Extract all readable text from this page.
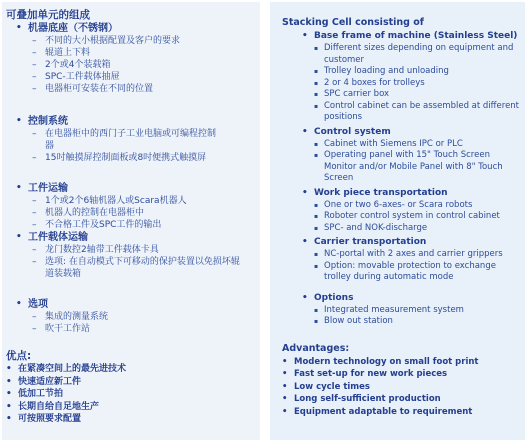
可叠加单元的组成
• 机器底座（不锈钢）
– 不同的大小根据配置及客户的要求
– 辊道上下料
– 2个或4个装载箱
– SPC-工件载体抽屉
– 电器柜可安装在不同的位置
• 控制系统
– 在电器柜中的西门子工业电脑或可编程控制器
– 15吋触摸屏控制面板或8吋便携式触摸屏
• 工件运输
– 1个或2个6轴机器人或Scara机器人
– 机器人的控制在电器柜中
– 不合格工件及SPC工件的输出
• 工件载体运输
– 龙门数控2轴带工件载体卡具
– 选项: 在自动模式下可移动的保护装置以免损坏辊道装载箱
• 选项
– 集成的测量系统
– 吹干工作站
优点:
• 在紧凑空间上的最先进技术
• 快速适应新工件
• 低加工节拍
• 长期自给自足地生产
• 可按照要求配置
Stacking Cell consisting of
• Base frame of machine (Stainless Steel)
▪ Different sizes depending on equipment and customer
▪ Trolley loading and unloading
▪ 2 or 4 boxes for trolleys
▪ SPC carrier box
▪ Control cabinet can be assembled at different positions
• Control system
▪ Cabinet with Siemens IPC or PLC
▪ Operating panel with 15" Touch Screen Monitor and/or Mobile Panel with 8" Touch Screen
• Work piece transportation
▪ One or two 6-axes- or Scara robots
▪ Roboter control system in control cabinet
▪ SPC- and NOK-discharge
• Carrier transportation
▪ NC-portal with 2 axes and carrier grippers
▪ Option: movable protection to exchange trolley during automatic mode
• Options
▪ Integrated measurement system
▪ Blow out station
Advantages:
• Modern technology on small foot print
• Fast set-up for new work pieces
• Low cycle times
• Long self-sufficient production
• Equipment adaptable to requirement
